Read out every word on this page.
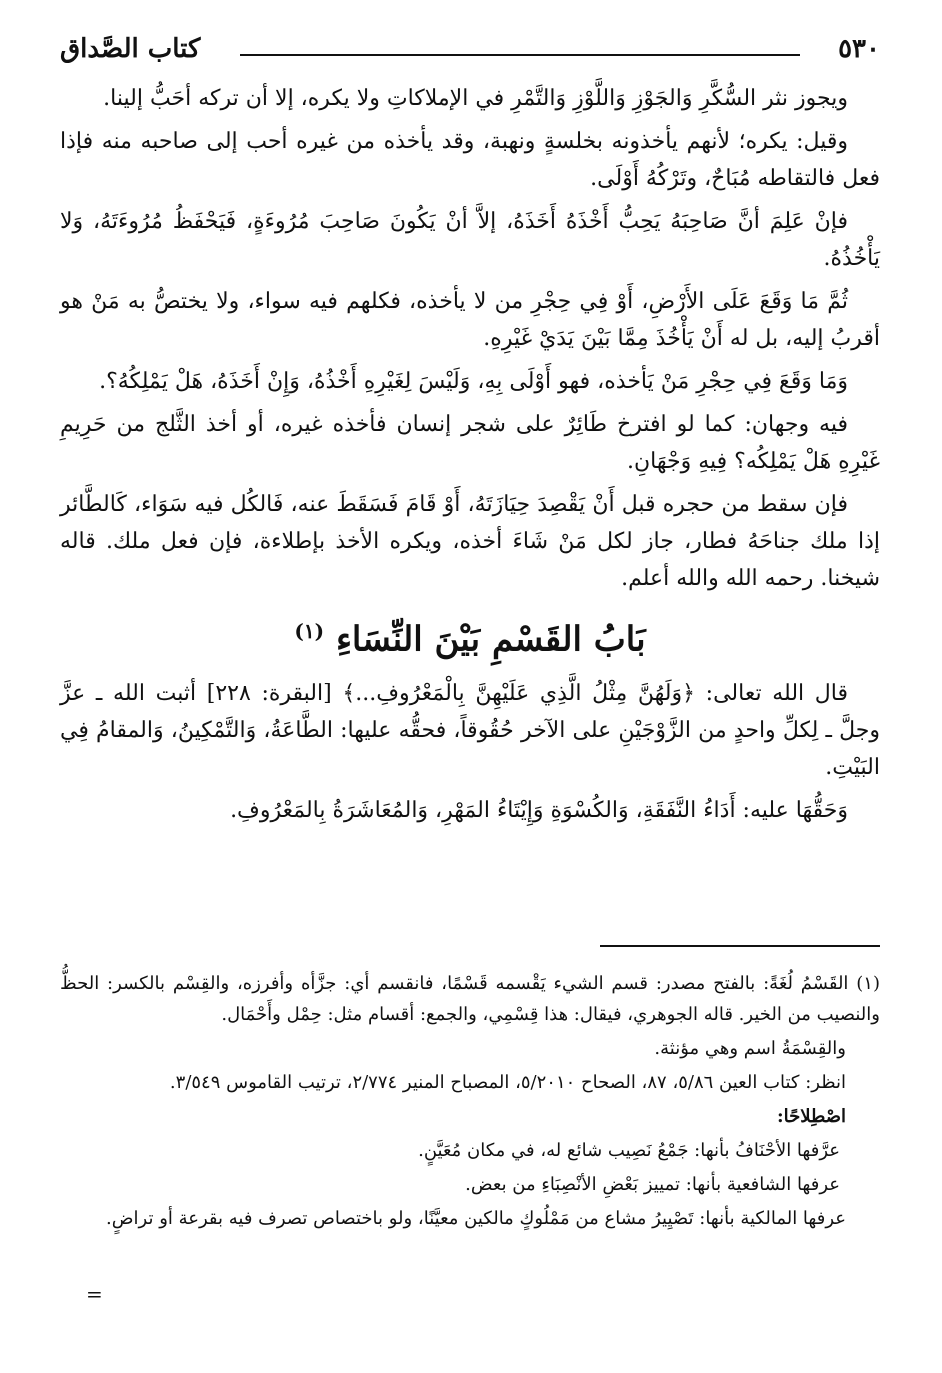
٥٣٠
كتاب الصَّداق

ويجوز نثر السُّكَّرِ وَالجَوْزِ وَاللَّوْزِ وَالتَّمْرِ في الإملاكاتِ ولا يكره، إلا أن تركه أحَبُّ إلينا.

وقيل: يكره؛ لأنهم يأخذونه بخلسةٍ ونهبة، وقد يأخذه من غيره أحب إلى صاحبه منه فإذا فعل فالتقاطه مُبَاحٌ، وتَرْكُهُ أَوْلَى.

فإنْ عَلِمَ أنَّ صَاحِبَهُ يَحِبُّ أَخْذَهُ أَخَذَهُ، إلاَّ أنْ يَكُونَ صَاحِبَ مُرُوءَةٍ، فَيَحْفَظُ مُرُوءَتَهُ، وَلا يَأْخُذُهُ.

ثُمَّ مَا وَقَعَ عَلَى الأَرْضِ، أَوْ فِي حِجْرِ من لا يأخذه، فكلهم فيه سواء، ولا يختصُّ به مَنْ هو أقربُ إليه، بل له أَنْ يَأْخُذَ مِمَّا بَيْنَ يَدَيْ غَيْرِهِ.

وَمَا وَقَعَ فِي حِجْرِ مَنْ يَأخذه، فهو أَوْلَى بِهِ، وَلَيْسَ لِغَيْرِهِ أَخْذُهُ، وَإِنْ أَخَذَهُ، هَلْ يَمْلِكُهُ؟.

فيه وجهان: كما لو افترخ طَائِرٌ على شجر إنسان فأخذه غيره، أو أخذ الثَّلج من حَرِيمِ غَيْرِهِ هَلْ يَمْلِكُه؟ فِيهِ وَجْهَانِ.

فإن سقط من حجره قبل أَنْ يَقْصِدَ حِيَازَتَهُ، أَوْ قَامَ فَسَقَطَ عنه، فَالكُل فيه سَوَاء، كَالطَّائر إذا ملك جناحَهُ فطار، جاز لكل مَنْ شَاءَ أخذه، ويكره الأخذ بإطلاءة، فإن فعل ملك. قاله شيخنا. رحمه الله والله أعلم.

بَابُ القَسْمِ بَيْنَ النِّسَاءِ $^{(١)}$

قال الله تعالى: ﴿وَلَهُنَّ مِثْلُ الَّذِي عَلَيْهِنَّ بِالْمَعْرُوفِ...﴾ [البقرة: ٢٢٨] أثبت الله ـ عزَّ وجلَّ ـ لِكلِّ واحدٍ من الزَّوْجَيْنِ على الآخر حُقُوقاً، فحقُّه عليها: الطَّاعَةُ، وَالتَّمْكِينُ، وَالمقامُ فِي البَيْتِ.

وَحَقُّهَا عليه: أَدَاءُ النَّفَقَةِ، وَالكُسْوَةِ وَإِيْتَاءُ المَهْرِ، وَالمُعَاشَرَةُ بِالمَعْرُوفِ.

(١) القَسْمُ لُغَةً: بالفتح مصدر: قسم الشيء يَقْسمه قَسْمًا، فانقسم أي: جزَّأه وأفرزه، والقِسْم بالكسر: الحظُّ والنصيب من الخير. قاله الجوهري، فيقال: هذا قِسْمِي، والجمع: أقسام مثل: حِمْل وأَحْمَال.

والقِسْمَةُ اسم وهي مؤنثة.

انظر: كتاب العين ٥/٨٦، ٨٧، الصحاح ٥/٢٠١٠، المصباح المنير ٢/٧٧٤، ترتيب القاموس ٣/٥٤٩.

اصْطِلاحًا:

عرَّفها الأحْنَافُ بأنها: جَمْعُ نَصِيب شائع له، في مكان مُعَيَّنٍ.

عرفها الشافعية بأنها: تمييز بَعْضِ الأنْصِبَاءِ من بعض.

عرفها المالكية بأنها: تَصْيِيرُ مشاع من مَمْلُوكٍ مالكين معيَّنًا، ولو باختصاص تصرف فيه بقرعة أو تراضٍ.

=
